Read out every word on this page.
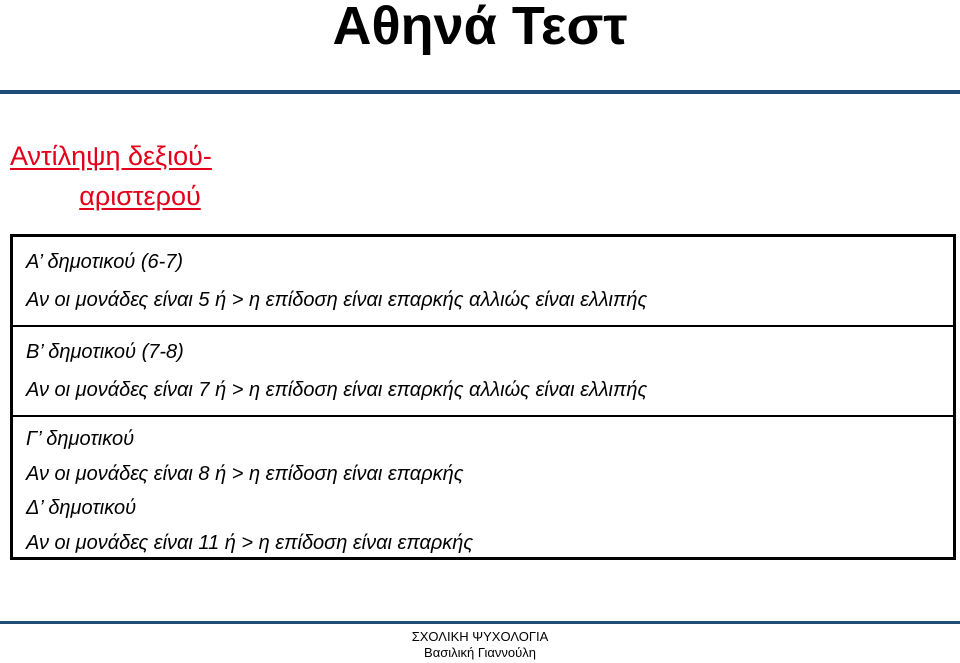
Αθηνά Τεστ
Αντίληψη δεξιού-
αριστερού
Α’ δημοτικού (6-7)
Αν οι μονάδες είναι 5 ή > η επίδοση είναι επαρκής αλλιώς είναι ελλιπής
Β’ δημοτικού (7-8)
Αν οι μονάδες είναι 7 ή > η επίδοση είναι επαρκής αλλιώς είναι ελλιπής
Γ’ δημοτικού
Αν οι μονάδες είναι 8 ή > η επίδοση είναι επαρκής
Δ’ δημοτικού
Αν οι μονάδες είναι 11 ή > η επίδοση είναι επαρκής
ΣΧΟΛΙΚΗ ΨΥΧΟΛΟΓΙΑ
Βασιλική Γιαννούλη
